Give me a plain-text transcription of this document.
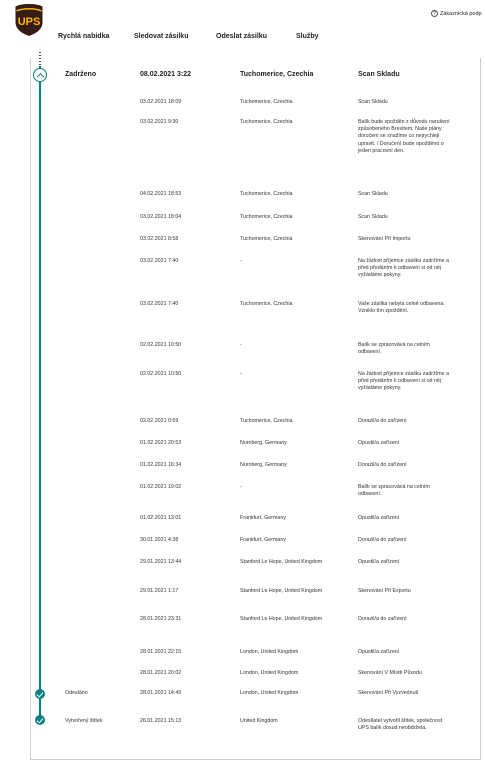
UPS
? Zákaznická podp
Rychlá nabídka	Sledovat zásilku	Odeslat zásilku	Služby
Zadrženo	08.02.2021 3:22	Tuchomerice, Czechia	Scan Skladu
03.02.2021 18:09	Tuchomerice, Czechia	Scan Skladu
03.02.2021 9:30	Tuchomerice, Czechia	Balík bude zpožděn z důvodu narušení způsobeného Brexitem. Naše plány doručení se snažíme co nejrychleji upravit. / Doručení bude opožděno o jeden pracovní den.
04.02.2021 18:53	Tuchomerice, Czechia	Scan Skladu
03.02.2021 18:04	Tuchomerice, Czechia	Scan Skladu
03.02.2021 8:58	Tuchomerice, Czechia	Skenování Při Importu
03.02.2021 7:40	-	Na žádost příjemce zásilku zadržíme a před předáním k odbavení si od něj vyžádáme pokyny.
03.02.2021 7:40	Tuchomerice, Czechia	Vaše zásilka nebyla celně odbavena. Vzniklo tím zpoždění.
02.02.2021 10:50	-	Balík se zpracovává na celním odbavení.
02.02.2021 10:50	-	Na žádost příjemce zásilku zadržíme a před předáním k odbavení si od něj vyžádáme pokyny.
02.02.2021 0:59	Tuchomerice, Czechia	Dorazil/a do zařízení
01.02.2021 20:53	Nurnberg, Germany	Opustil/a zařízení
01.02.2021 16:34	Nurnberg, Germany	Dorazil/a do zařízení
01.02.2021 19:02	-	Balík se zpracovává na celním odbavení.
01.02.2021 13:01	Frankfurt, Germany	Opustil/a zařízení
30.01.2021 4:38	Frankfurt, Germany	Dorazil/a do zařízení
29.01.2021 13:44	Stanford Le Hope, United Kingdom	Opustil/a zařízení
29.01.2021 1:17	Stanford Le Hope, United Kingdom	Skenování Při Exportu
28.01.2021 23:31	Stanford Le Hope, United Kingdom	Dorazil/a do zařízení
28.01.2021 22:15	London, United Kingdom	Opustil/a zařízení
28.01.2021 20:02	London, United Kingdom	Skenování V Místě Původu
Odesláno	28.01.2021 14:49	London, United Kingdom	Skenování Při Vyzvednutí
Vytvořený štítek	26.01.2021 15:13	United Kingdom	Odesílatel vytvořil štítek, společnost UPS balík dosud neobdržela.
